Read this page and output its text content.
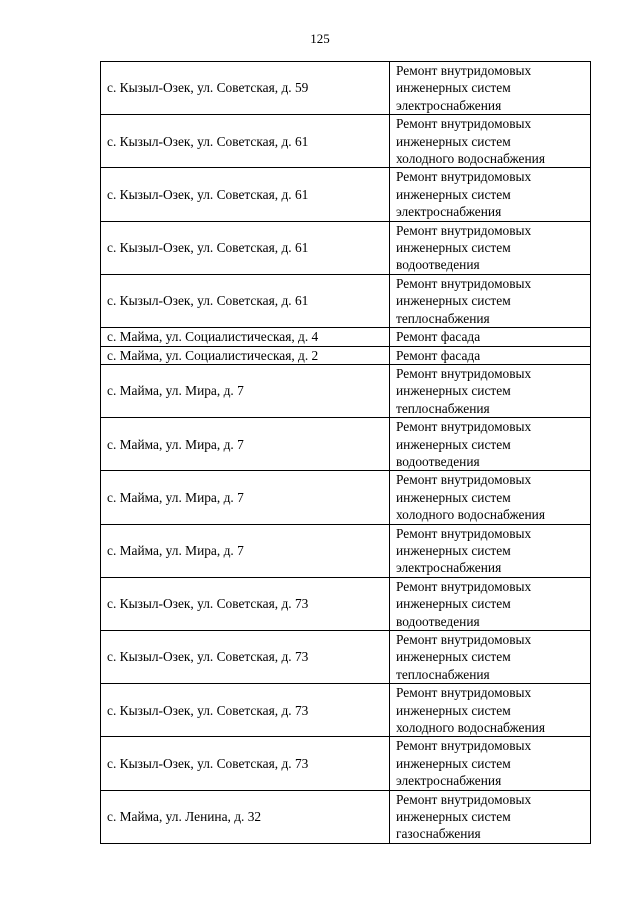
125
с. Кызыл-Озек, ул. Советская, д. 59	Ремонт внутридомовых
инженерных систем
электроснабжения
с. Кызыл-Озек, ул. Советская, д. 61	Ремонт внутридомовых
инженерных систем
холодного водоснабжения
с. Кызыл-Озек, ул. Советская, д. 61	Ремонт внутридомовых
инженерных систем
электроснабжения
с. Кызыл-Озек, ул. Советская, д. 61	Ремонт внутридомовых
инженерных систем
водоотведения
с. Кызыл-Озек, ул. Советская, д. 61	Ремонт внутридомовых
инженерных систем
теплоснабжения
с. Майма, ул. Социалистическая, д. 4	Ремонт фасада
с. Майма, ул. Социалистическая, д. 2	Ремонт фасада
с. Майма, ул. Мира, д. 7	Ремонт внутридомовых
инженерных систем
теплоснабжения
с. Майма, ул. Мира, д. 7	Ремонт внутридомовых
инженерных систем
водоотведения
с. Майма, ул. Мира, д. 7	Ремонт внутридомовых
инженерных систем
холодного водоснабжения
с. Майма, ул. Мира, д. 7	Ремонт внутридомовых
инженерных систем
электроснабжения
с. Кызыл-Озек, ул. Советская, д. 73	Ремонт внутридомовых
инженерных систем
водоотведения
с. Кызыл-Озек, ул. Советская, д. 73	Ремонт внутридомовых
инженерных систем
теплоснабжения
с. Кызыл-Озек, ул. Советская, д. 73	Ремонт внутридомовых
инженерных систем
холодного водоснабжения
с. Кызыл-Озек, ул. Советская, д. 73	Ремонт внутридомовых
инженерных систем
электроснабжения
с. Майма, ул. Ленина, д. 32	Ремонт внутридомовых
инженерных систем
газоснабжения
